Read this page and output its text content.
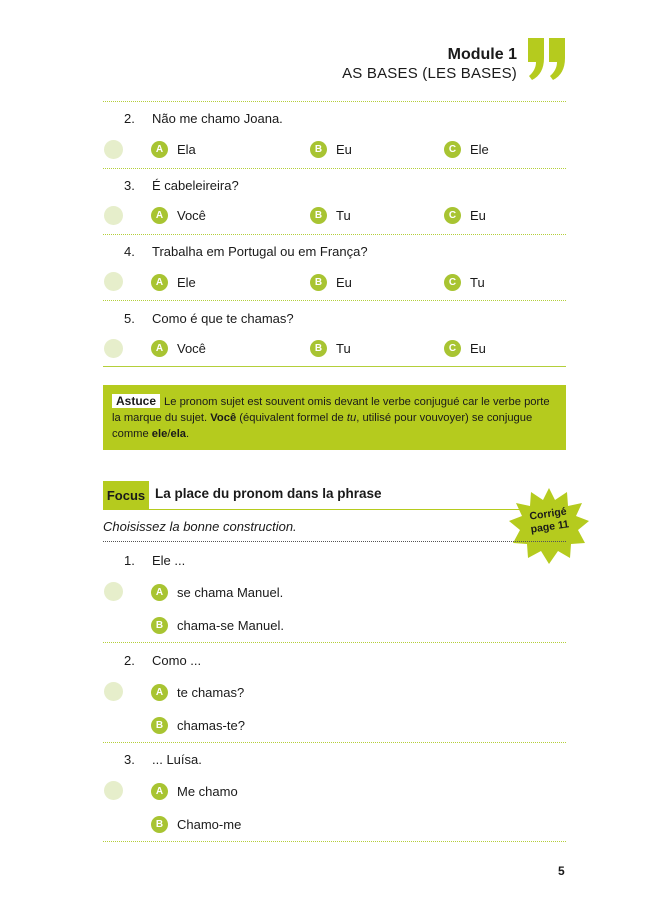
Module 1
AS BASES (LES BASES)
2. Não me chamo Joana.
A	Ela	B	Eu	C	Ele
3. É cabeleireira?
A	Você	B	Tu	C	Eu
4. Trabalha em Portugal ou em França?
A	Ele	B	Eu	C	Tu
5. Como é que te chamas?
A	Você	B	Tu	C	Eu
Astuce Le pronom sujet est souvent omis devant le verbe conjugué car le verbe porte la marque du sujet. Você (équivalent formel de tu, utilisé pour vouvoyer) se conjugue comme ele/ela.
Focus La place du pronom dans la phrase
Choisissez la bonne construction.
Corrigé
page 11
1. Ele ...
A	se chama Manuel.
B	chama-se Manuel.
2. Como ...
A	te chamas?
B	chamas-te?
3. ... Luísa.
A	Me chamo
B	Chamo-me
5
